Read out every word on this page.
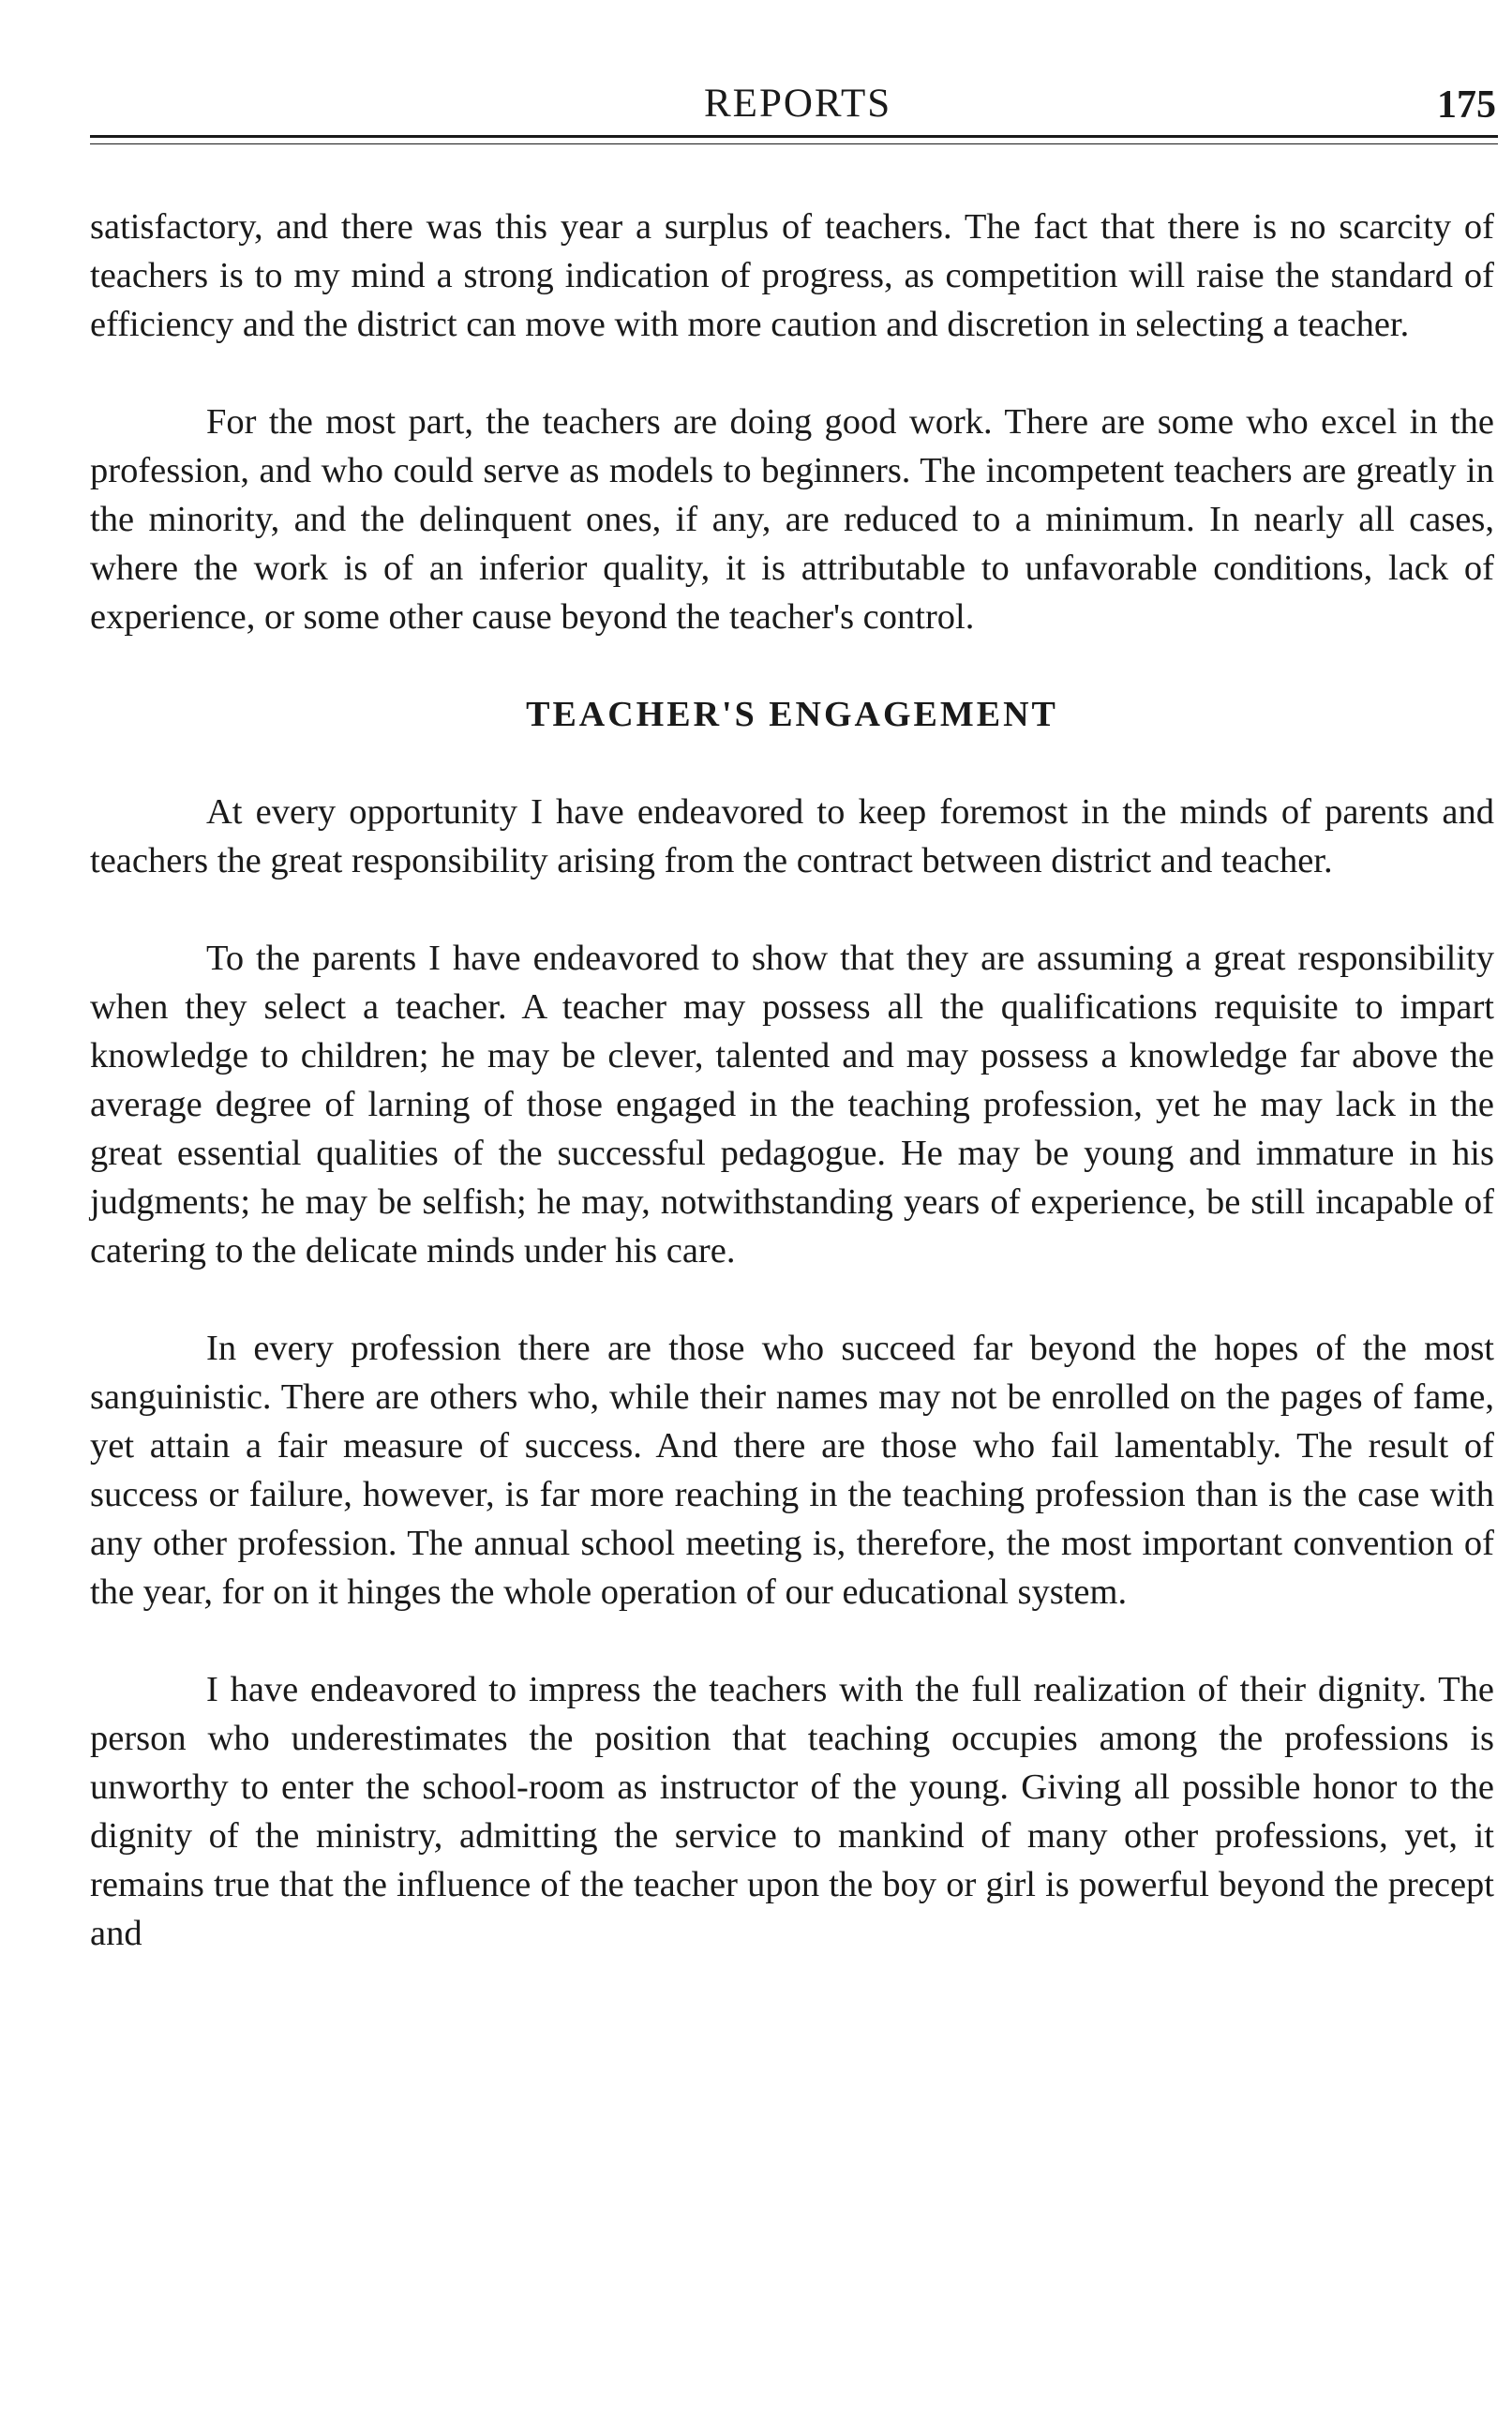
REPORTS	175

satisfactory, and there was this year a surplus of teachers. The fact that there is no scarcity of teachers is to my mind a strong indication of progress, as competition will raise the standard of efficiency and the district can move with more caution and discretion in selecting a teacher.

For the most part, the teachers are doing good work. There are some who excel in the profession, and who could serve as models to beginners. The incompetent teachers are greatly in the minority, and the delinquent ones, if any, are reduced to a minimum. In nearly all cases, where the work is of an inferior quality, it is attributable to unfavorable conditions, lack of experience, or some other cause beyond the teacher's control.

TEACHER'S ENGAGEMENT

At every opportunity I have endeavored to keep foremost in the minds of parents and teachers the great responsibility arising from the contract between district and teacher.

To the parents I have endeavored to show that they are assuming a great responsibility when they select a teacher. A teacher may possess all the qualifications requisite to impart knowledge to children; he may be clever, talented and may possess a knowledge far above the average degree of larning of those engaged in the teaching profession, yet he may lack in the great essential qualities of the successful pedagogue. He may be young and immature in his judgments; he may be selfish; he may, notwithstanding years of experience, be still incapable of catering to the delicate minds under his care.

In every profession there are those who succeed far beyond the hopes of the most sanguinistic. There are others who, while their names may not be enrolled on the pages of fame, yet attain a fair measure of success. And there are those who fail lamentably. The result of success or failure, however, is far more reaching in the teaching profession than is the case with any other profession. The annual school meeting is, therefore, the most important convention of the year, for on it hinges the whole operation of our educational system.

I have endeavored to impress the teachers with the full realization of their dignity. The person who underestimates the position that teaching occupies among the professions is unworthy to enter the school-room as instructor of the young. Giving all possible honor to the dignity of the ministry, admitting the service to mankind of many other professions, yet, it remains true that the influence of the teacher upon the boy or girl is powerful beyond the precept and
